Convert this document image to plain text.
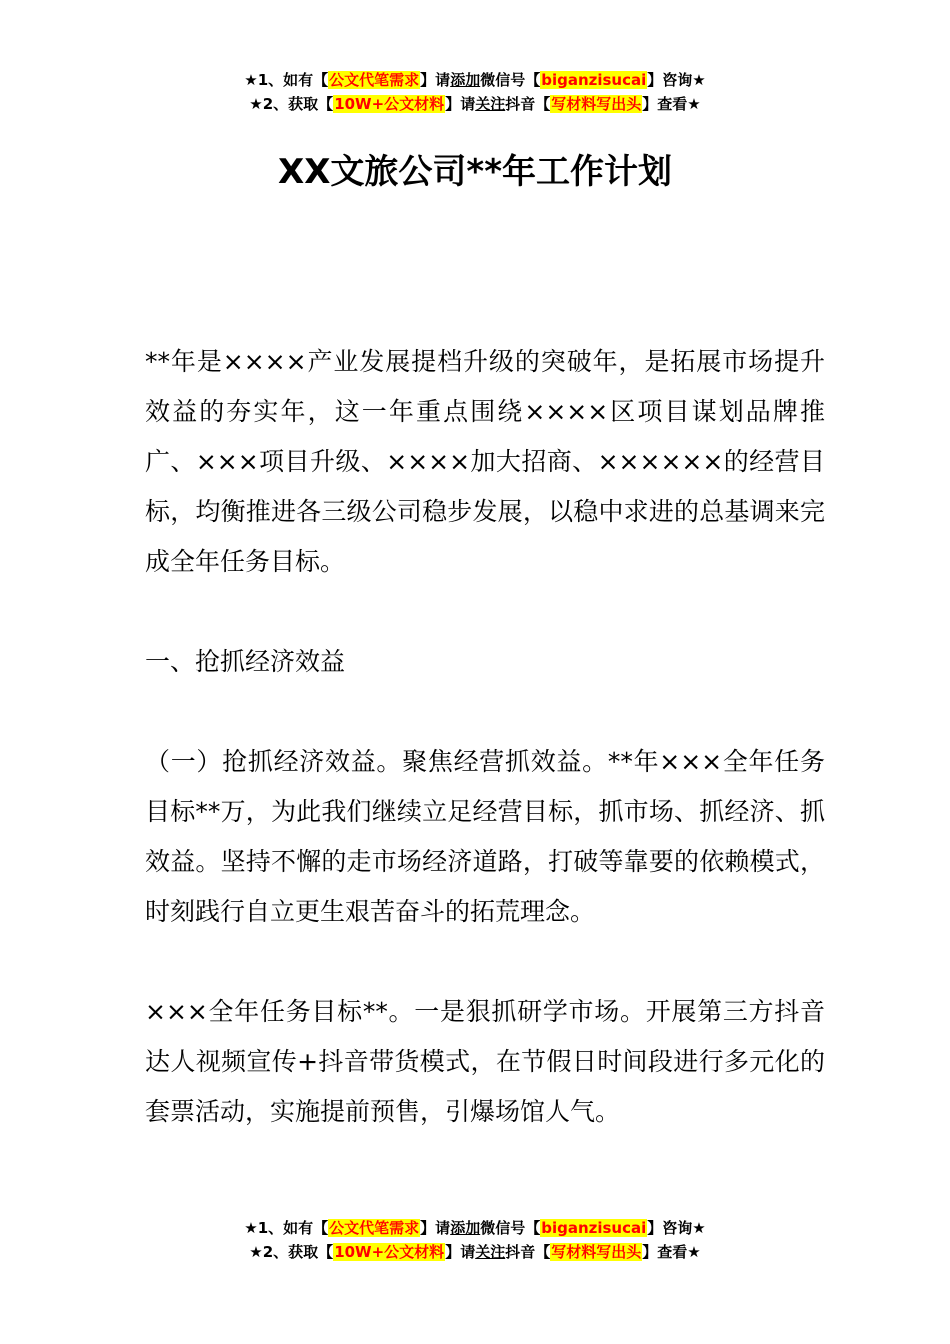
★1、如有【公文代笔需求】请添加微信号【biganzisucai】咨询★
★2、获取【10W+公文材料】请关注抖音【写材料写出头】查看★
XX文旅公司**年工作计划

**年是××××产业发展提档升级的突破年，是拓展市场提升效益的夯实年，这一年重点围绕××××区项目谋划品牌推广、×××项目升级、××××加大招商、××××××的经营目标，均衡推进各三级公司稳步发展，以稳中求进的总基调来完成全年任务目标。

一、抢抓经济效益

（一）抢抓经济效益。聚焦经营抓效益。**年×××全年任务目标**万，为此我们继续立足经营目标，抓市场、抓经济、抓效益。坚持不懈的走市场经济道路，打破等靠要的依赖模式，时刻践行自立更生艰苦奋斗的拓荒理念。

×××全年任务目标**。一是狠抓研学市场。开展第三方抖音达人视频宣传+抖音带货模式，在节假日时间段进行多元化的套票活动，实施提前预售，引爆场馆人气。

★1、如有【公文代笔需求】请添加微信号【biganzisucai】咨询★
★2、获取【10W+公文材料】请关注抖音【写材料写出头】查看★
